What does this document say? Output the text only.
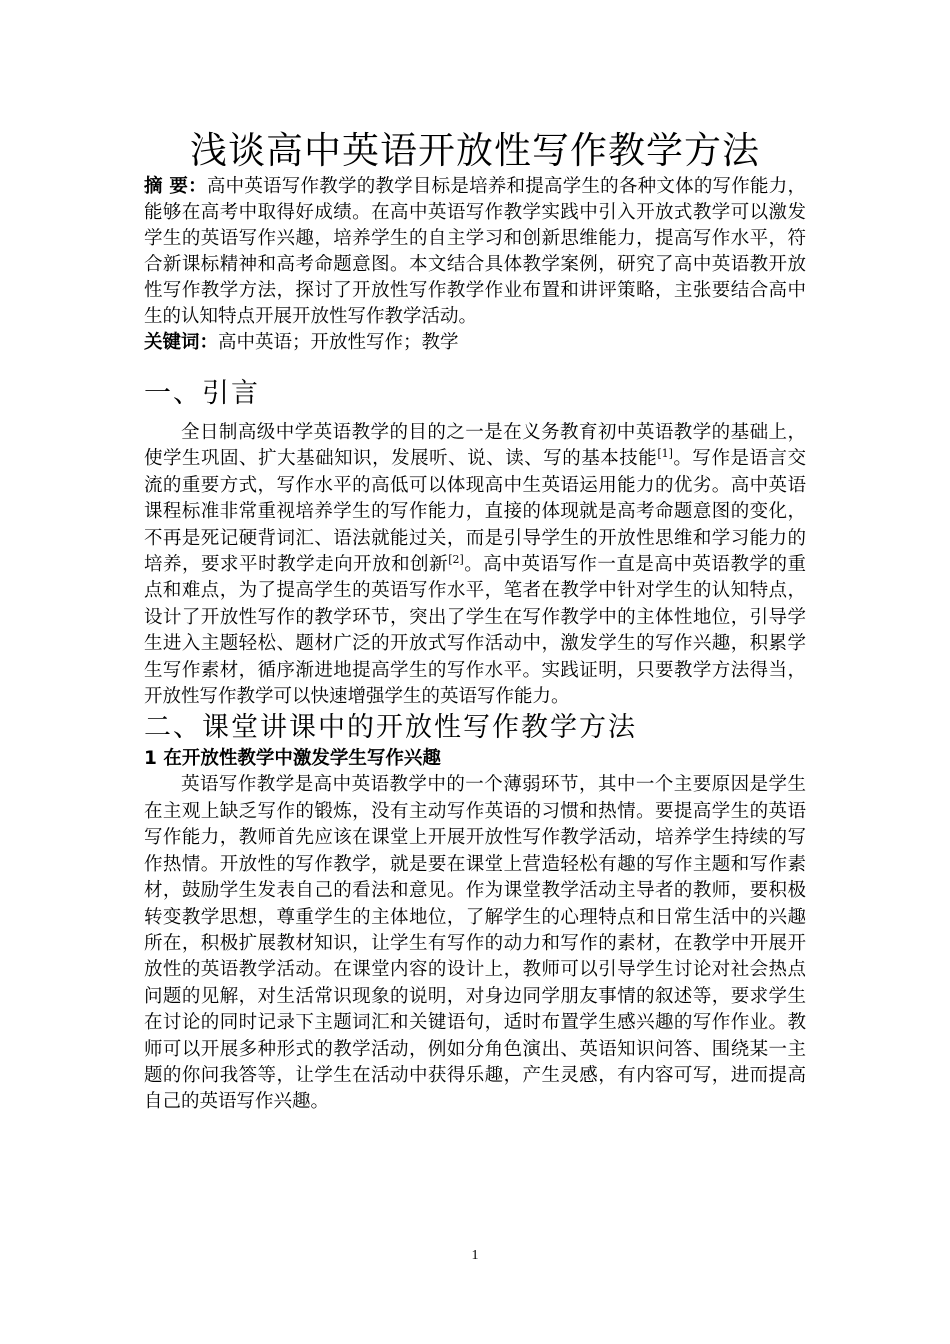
浅谈高中英语开放性写作教学方法

摘 要：高中英语写作教学的教学目标是培养和提高学生的各种文体的写作能力，能够在高考中取得好成绩。在高中英语写作教学实践中引入开放式教学可以激发学生的英语写作兴趣，培养学生的自主学习和创新思维能力，提高写作水平，符合新课标精神和高考命题意图。本文结合具体教学案例，研究了高中英语教开放性写作教学方法，探讨了开放性写作教学作业布置和讲评策略，主张要结合高中生的认知特点开展开放性写作教学活动。

关键词：高中英语；开放性写作；教学

一、引言

全日制高级中学英语教学的目的之一是在义务教育初中英语教学的基础上，使学生巩固、扩大基础知识，发展听、说、读、写的基本技能[1]。写作是语言交流的重要方式，写作水平的高低可以体现高中生英语运用能力的优劣。高中英语课程标准非常重视培养学生的写作能力，直接的体现就是高考命题意图的变化，不再是死记硬背词汇、语法就能过关，而是引导学生的开放性思维和学习能力的培养，要求平时教学走向开放和创新[2]。高中英语写作一直是高中英语教学的重点和难点，为了提高学生的英语写作水平，笔者在教学中针对学生的认知特点，设计了开放性写作的教学环节，突出了学生在写作教学中的主体性地位，引导学生进入主题轻松、题材广泛的开放式写作活动中，激发学生的写作兴趣，积累学生写作素材，循序渐进地提高学生的写作水平。实践证明，只要教学方法得当，开放性写作教学可以快速增强学生的英语写作能力。

二、课堂讲课中的开放性写作教学方法
1 在开放性教学中激发学生写作兴趣

英语写作教学是高中英语教学中的一个薄弱环节，其中一个主要原因是学生在主观上缺乏写作的锻炼，没有主动写作英语的习惯和热情。要提高学生的英语写作能力，教师首先应该在课堂上开展开放性写作教学活动，培养学生持续的写作热情。开放性的写作教学，就是要在课堂上营造轻松有趣的写作主题和写作素材，鼓励学生发表自己的看法和意见。作为课堂教学活动主导者的教师，要积极转变教学思想，尊重学生的主体地位，了解学生的心理特点和日常生活中的兴趣所在，积极扩展教材知识，让学生有写作的动力和写作的素材，在教学中开展开放性的英语教学活动。在课堂内容的设计上，教师可以引导学生讨论对社会热点问题的见解，对生活常识现象的说明，对身边同学朋友事情的叙述等，要求学生在讨论的同时记录下主题词汇和关键语句，适时布置学生感兴趣的写作作业。教师可以开展多种形式的教学活动，例如分角色演出、英语知识问答、围绕某一主题的你问我答等，让学生在活动中获得乐趣，产生灵感，有内容可写，进而提高自己的英语写作兴趣。

1
